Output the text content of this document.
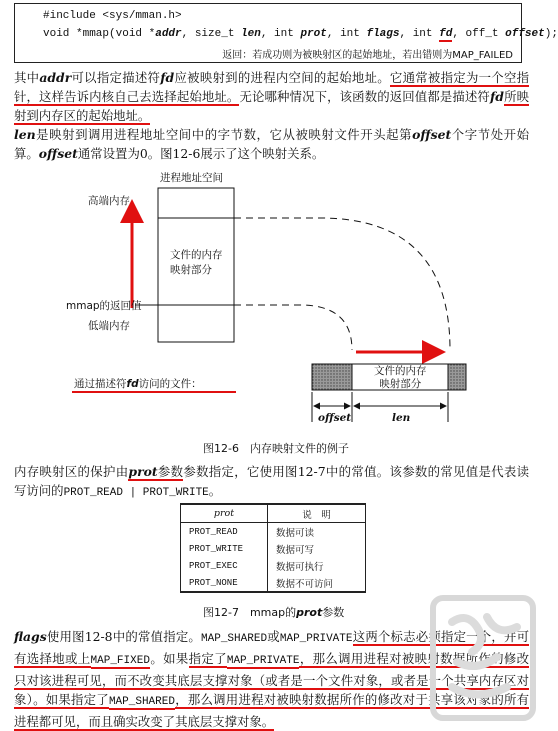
#include <sys/mman.h>
void *mmap(void *addr, size_t len, int prot, int flags, int fd, off_t offset);
返回：若成功则为被映射区的起始地址，若出错则为MAP_FAILED
其中addr可以指定描述符fd应被映射到的进程内空间的起始地址。它通常被指定为一个空指针，这样告诉内核自己去选择起始地址。无论哪种情况下，该函数的返回值都是描述符fd所映射到内存区的起始地址。
len是映射到调用进程地址空间中的字节数，它从被映射文件开头起第offset个字节处开始算。offset通常设置为0。图12-6展示了这个映射关系。
进程地址空间
高端内存
mmap的返回值
低端内存
文件的内存
映射部分
文件的内存
映射部分
通过描述符fd访问的文件：
offset	len
图12-6　内存映射文件的例子
内存映射区的保护由prot参数参数指定，它使用图12-7中的常值。该参数的常见值是代表读写访问的PROT_READ | PROT_WRITE。
prot	说　明
PROT_READ	数据可读
PROT_WRITE	数据可写
PROT_EXEC	数据可执行
PROT_NONE	数据不可访问
图12-7　mmap的prot参数
flags使用图12-8中的常值指定。MAP_SHARED或MAP_PRIVATE这两个标志必须指定一个，并可有选择地或上MAP_FIXED。如果指定了MAP_PRIVATE，那么调用进程对被映射数据所作的修改只对该进程可见，而不改变其底层支撑对象（或者是一个文件对象，或者是一个共享内存区对象）。如果指定了MAP_SHARED，那么调用进程对被映射数据所作的修改对于共享该对象的所有进程都可见，而且确实改变了其底层支撑对象。
